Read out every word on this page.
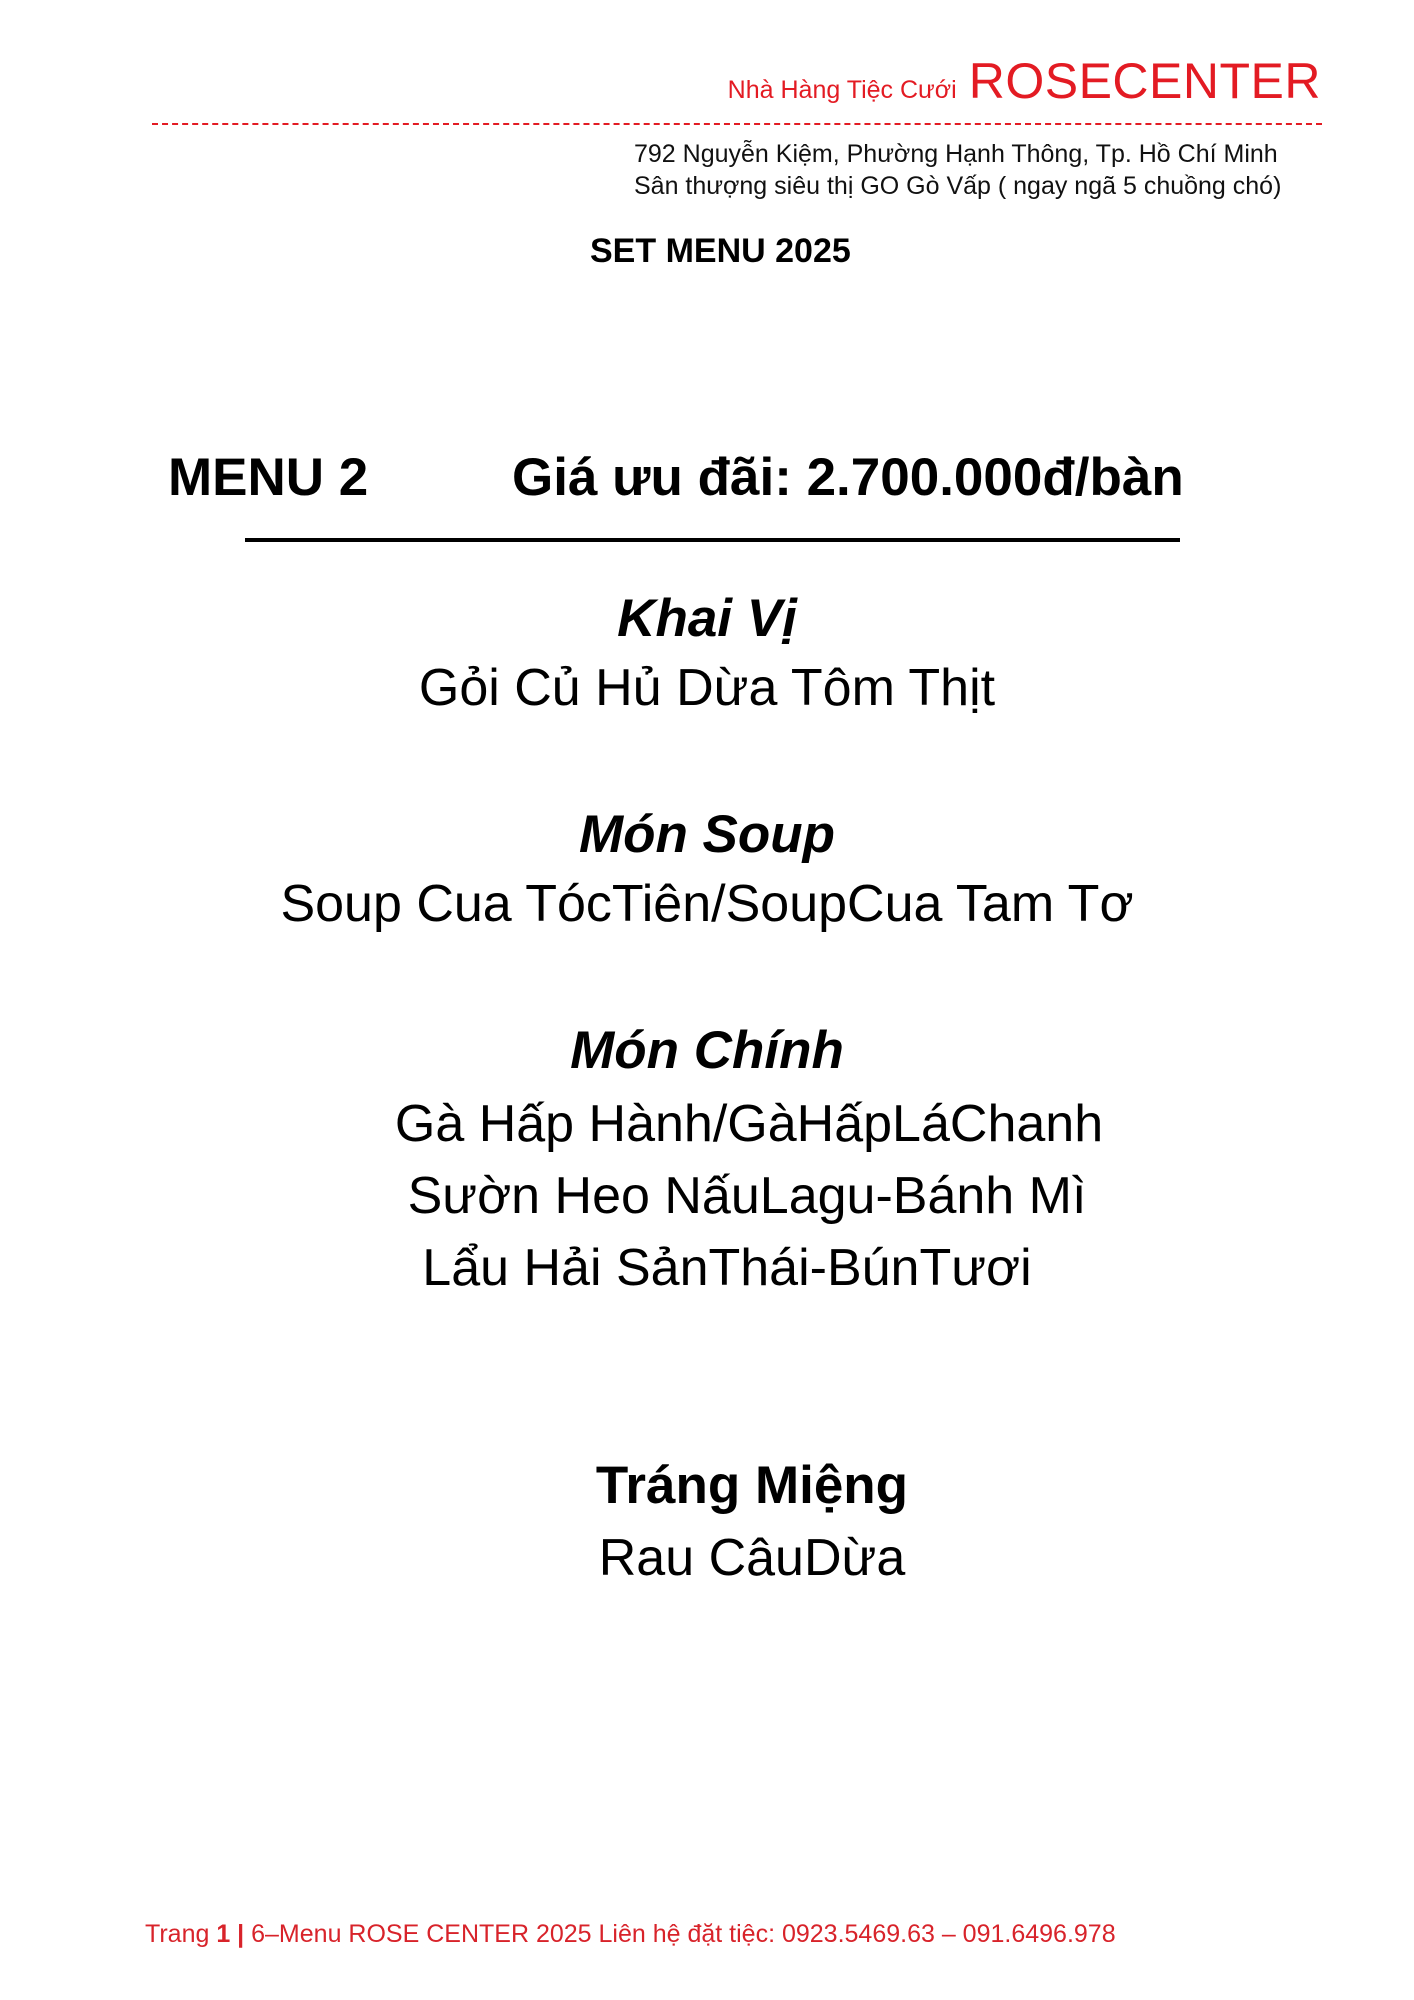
Nhà Hàng Tiệc Cưới ROSECENTER
792 Nguyễn Kiệm, Phường Hạnh Thông, Tp. Hồ Chí Minh
Sân thượng siêu thị GO Gò Vấp ( ngay ngã 5 chuồng chó)
SET MENU 2025
MENU 2	Giá ưu đãi: 2.700.000đ/bàn
Khai Vị
Gỏi Củ Hủ Dừa Tôm Thịt
Món Soup
Soup Cua TócTiên/SoupCua Tam Tơ
Món Chính
Gà Hấp Hành/GàHấpLáChanh
Sườn Heo NấuLagu-Bánh Mì
Lẩu Hải SảnThái-BúnTươi
Tráng Miệng
Rau CâuDừa
Trang 1 | 6–Menu ROSE CENTER 2025 Liên hệ đặt tiệc: 0923.5469.63 – 091.6496.978
